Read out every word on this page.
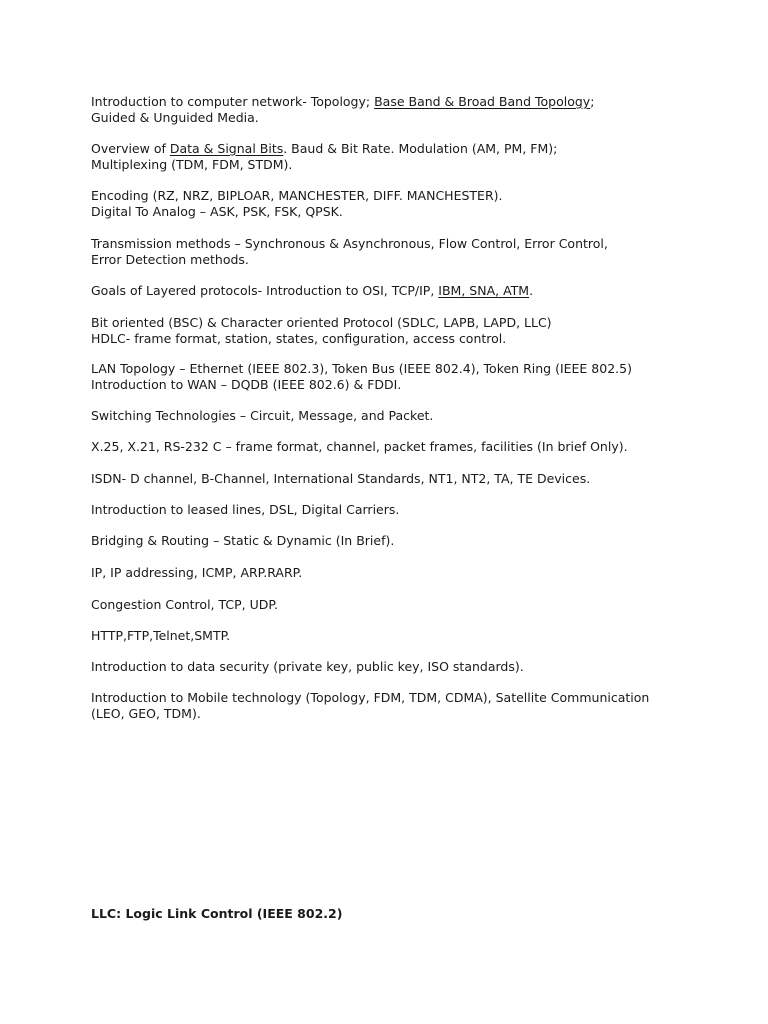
Introduction to computer network- Topology; Base Band & Broad Band Topology;
Guided & Unguided Media.
Overview of Data & Signal Bits. Baud & Bit Rate. Modulation (AM, PM, FM);
Multiplexing (TDM, FDM, STDM).
Encoding (RZ, NRZ, BIPLOAR, MANCHESTER, DIFF. MANCHESTER).
Digital To Analog – ASK, PSK, FSK, QPSK.
Transmission methods – Synchronous & Asynchronous, Flow Control, Error Control,
Error Detection methods.
Goals of Layered protocols- Introduction to OSI, TCP/IP, IBM, SNA, ATM.
Bit oriented (BSC) & Character oriented Protocol (SDLC, LAPB, LAPD, LLC)
HDLC- frame format, station, states, configuration, access control.
LAN Topology – Ethernet (IEEE 802.3), Token Bus (IEEE 802.4), Token Ring (IEEE 802.5)
Introduction to WAN – DQDB (IEEE 802.6) & FDDI.
Switching Technologies – Circuit, Message, and Packet.
X.25, X.21, RS-232 C – frame format, channel, packet frames, facilities (In brief Only).
ISDN- D channel, B-Channel, International Standards, NT1, NT2, TA, TE Devices.
Introduction to leased lines, DSL, Digital Carriers.
Bridging & Routing – Static & Dynamic (In Brief).
IP, IP addressing, ICMP, ARP.RARP.
Congestion Control, TCP, UDP.
HTTP,FTP,Telnet,SMTP.
Introduction to data security (private key, public key, ISO standards).
Introduction to Mobile technology (Topology, FDM, TDM, CDMA), Satellite Communication
(LEO, GEO, TDM).
LLC: Logic Link Control (IEEE 802.2)
